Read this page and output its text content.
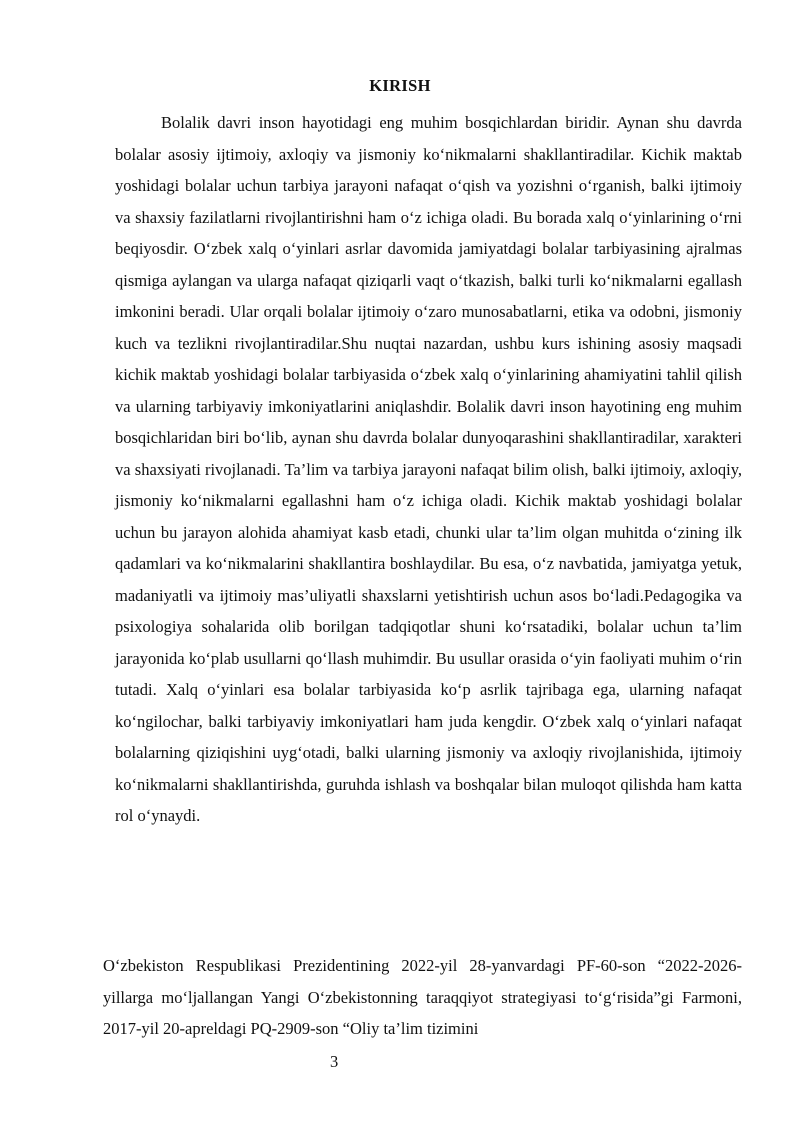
KIRISH

Bolalik davri inson hayotidagi eng muhim bosqichlardan biridir. Aynan shu davrda bolalar asosiy ijtimoiy, axloqiy va jismoniy ko‘nikmalarni shakllantiradilar. Kichik maktab yoshidagi bolalar uchun tarbiya jarayoni nafaqat o‘qish va yozishni o‘rganish, balki ijtimoiy va shaxsiy fazilatlarni rivojlantirishni ham o‘z ichiga oladi. Bu borada xalq o‘yinlarining o‘rni beqiyosdir. O‘zbek xalq o‘yinlari asrlar davomida jamiyatdagi bolalar tarbiyasining ajralmas qismiga aylangan va ularga nafaqat qiziqarli vaqt o‘tkazish, balki turli ko‘nikmalarni egallash imkonini beradi. Ular orqali bolalar ijtimoiy o‘zaro munosabatlarni, etika va odobni, jismoniy kuch va tezlikni rivojlantiradilar.Shu nuqtai nazardan, ushbu kurs ishining asosiy maqsadi kichik maktab yoshidagi bolalar tarbiyasida o‘zbek xalq o‘yinlarining ahamiyatini tahlil qilish va ularning tarbiyaviy imkoniyatlarini aniqlashdir. Bolalik davri inson hayotining eng muhim bosqichlaridan biri bo‘lib, aynan shu davrda bolalar dunyoqarashini shakllantiradilar, xarakteri va shaxsiyati rivojlanadi. Ta’lim va tarbiya jarayoni nafaqat bilim olish, balki ijtimoiy, axloqiy, jismoniy ko‘nikmalarni egallashni ham o‘z ichiga oladi. Kichik maktab yoshidagi bolalar uchun bu jarayon alohida ahamiyat kasb etadi, chunki ular ta’lim olgan muhitda o‘zining ilk qadamlari va ko‘nikmalarini shakllantira boshlaydilar. Bu esa, o‘z navbatida, jamiyatga yetuk, madaniyatli va ijtimoiy mas’uliyatli shaxslarni yetishtirish uchun asos bo‘ladi.Pedagogika va psixologiya sohalarida olib borilgan tadqiqotlar shuni ko‘rsatadiki, bolalar uchun ta’lim jarayonida ko‘plab usullarni qo‘llash muhimdir. Bu usullar orasida o‘yin faoliyati muhim o‘rin tutadi. Xalq o‘yinlari esa bolalar tarbiyasida ko‘p asrlik tajribaga ega, ularning nafaqat ko‘ngilochar, balki tarbiyaviy imkoniyatlari ham juda kengdir. O‘zbek xalq o‘yinlari nafaqat bolalarning qiziqishini uyg‘otadi, balki ularning jismoniy va axloqiy rivojlanishida, ijtimoiy ko‘nikmalarni shakllantirishda, guruhda ishlash va boshqalar bilan muloqot qilishda ham katta rol o‘ynaydi.

O‘zbekiston Respublikasi Prezidentining 2022-yil 28-yanvardagi PF-60-son “2022-2026-yillarga mo‘ljallangan Yangi O‘zbekistonning taraqqiyot strategiyasi to‘g‘risida”gi Farmoni, 2017-yil 20-apreldagi PQ-2909-son “Oliy ta’lim tizimini

3
